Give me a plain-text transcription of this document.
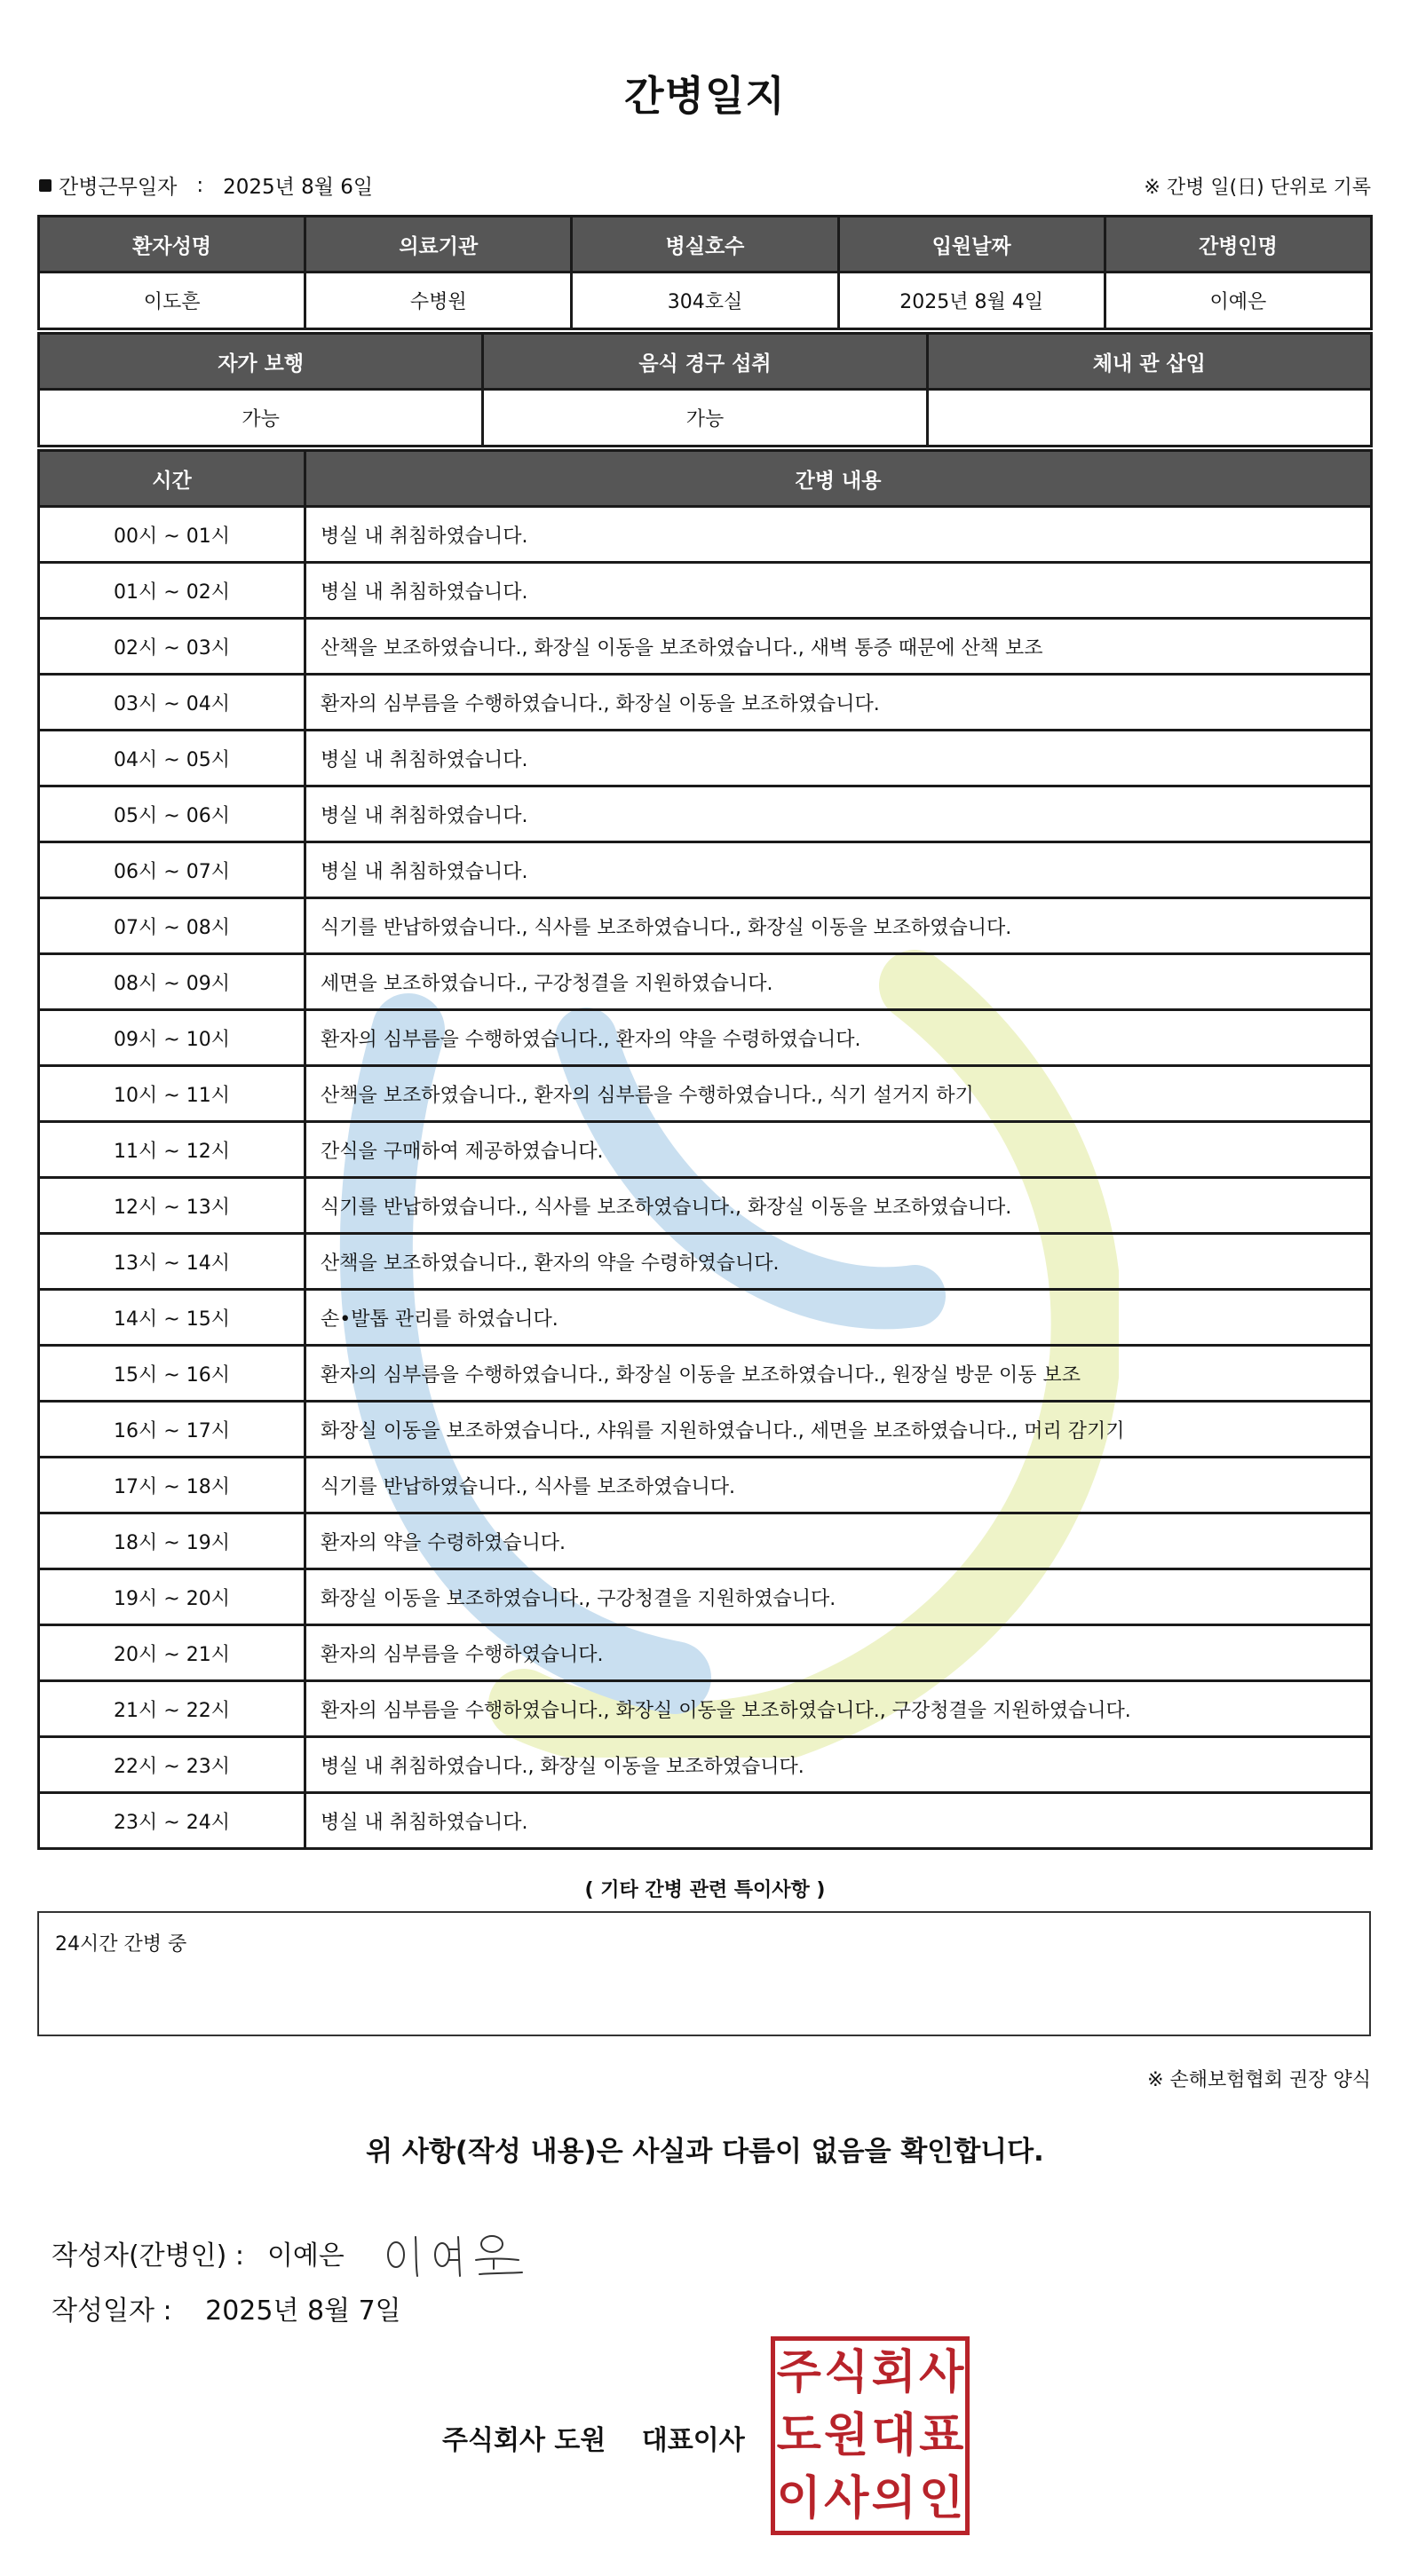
간병일지
간병근무일자 : 2025년 8월 6일	※ 간병 일(日) 단위로 기록
환자성명	의료기관	병실호수	입원날짜	간병인명
이도흔	수병원	304호실	2025년 8월 4일	이예은
자가 보행	음식 경구 섭취	체내 관 삽입
가능	가능	
시간	간병 내용
00시 ~ 01시	병실 내 취침하였습니다.
01시 ~ 02시	병실 내 취침하였습니다.
02시 ~ 03시	산책을 보조하였습니다., 화장실 이동을 보조하였습니다., 새벽 통증 때문에 산책 보조
03시 ~ 04시	환자의 심부름을 수행하였습니다., 화장실 이동을 보조하였습니다.
04시 ~ 05시	병실 내 취침하였습니다.
05시 ~ 06시	병실 내 취침하였습니다.
06시 ~ 07시	병실 내 취침하였습니다.
07시 ~ 08시	식기를 반납하였습니다., 식사를 보조하였습니다., 화장실 이동을 보조하였습니다.
08시 ~ 09시	세면을 보조하였습니다., 구강청결을 지원하였습니다.
09시 ~ 10시	환자의 심부름을 수행하였습니다., 환자의 약을 수령하였습니다.
10시 ~ 11시	산책을 보조하였습니다., 환자의 심부름을 수행하였습니다., 식기 설거지 하기
11시 ~ 12시	간식을 구매하여 제공하였습니다.
12시 ~ 13시	식기를 반납하였습니다., 식사를 보조하였습니다., 화장실 이동을 보조하였습니다.
13시 ~ 14시	산책을 보조하였습니다., 환자의 약을 수령하였습니다.
14시 ~ 15시	손•발톱 관리를 하였습니다.
15시 ~ 16시	환자의 심부름을 수행하였습니다., 화장실 이동을 보조하였습니다., 원장실 방문 이동 보조
16시 ~ 17시	화장실 이동을 보조하였습니다., 샤워를 지원하였습니다., 세면을 보조하였습니다., 머리 감기기
17시 ~ 18시	식기를 반납하였습니다., 식사를 보조하였습니다.
18시 ~ 19시	환자의 약을 수령하였습니다.
19시 ~ 20시	화장실 이동을 보조하였습니다., 구강청결을 지원하였습니다.
20시 ~ 21시	환자의 심부름을 수행하였습니다.
21시 ~ 22시	환자의 심부름을 수행하였습니다., 화장실 이동을 보조하였습니다., 구강청결을 지원하였습니다.
22시 ~ 23시	병실 내 취침하였습니다., 화장실 이동을 보조하였습니다.
23시 ~ 24시	병실 내 취침하였습니다.
( 기타 간병 관련 특이사항 )
24시간 간병 중
※ 손해보험협회 권장 양식
위 사항(작성 내용)은 사실과 다름이 없음을 확인합니다.
작성자(간병인) : 이예은
작성일자 : 2025년 8월 7일
주식회사 도원 대표이사
주 식 회 사
도 원 대 표
이 사 의 인
